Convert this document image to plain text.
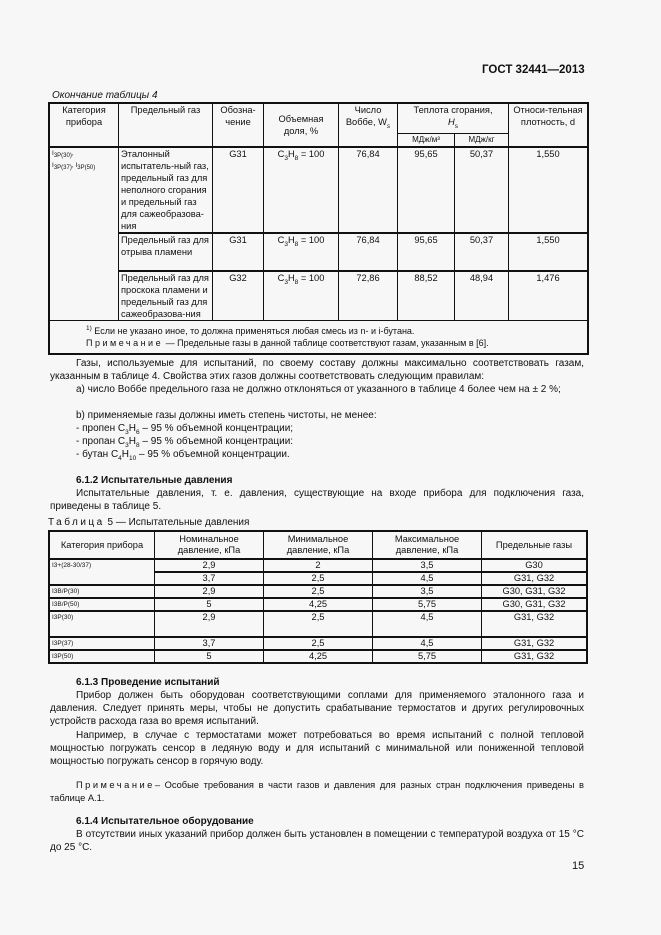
ГОСТ 32441—2013
Окончание таблицы 4
Категория прибора	Предельный газ	Обозна-чение	Объемная доля, %	Число Воббе, $W_s$	Теплота сгорания,
$H_s$		Относи-тельная плотность, d
					МДж/м³	МДж/кг	
I3P(30),
I3P(37), I3P(50)	Эталонный испытатель-ный газ, предельный газ для неполного сгорания и предельный газ для сажеобразова-ния	G31	$C_3H_8 = 100$	76,84	95,65	50,37	1,550
	Предельный газ для отрыва пламени	G31	$C_3H_8 = 100$	76,84	95,65	50,37	1,550
	Предельный газ для проскока пламени и предельный газ для сажеобразова-ния	G32	$C_3H_8 = 100$	72,86	88,52	48,94	1,476
$^{1)}$ Если не указано иное, то должна применяться любая смесь из n- и i-бутана.
Примечание — Предельные газы в данной таблице соответствуют газам, указанным в [6].							
Газы, используемые для испытаний, по своему составу должны максимально соответствовать газам, указанным в таблице 4. Свойства этих газов должны соответствовать следующим правилам:
а) число Воббе предельного газа не должно отклоняться от указанного в таблице 4 более чем на ± 2 %;
b) применяемые газы должны иметь степень чистоты, не менее:
- пропен $C_3H_6 - 95$ % объемной концентрации;
- пропан $C_3H_8 - 95$ % объемной концентрации:
- бутан $C_4H_{10} - 95$ % объемной концентрации.
6.1.2 Испытательные давления
Испытательные давления, т. е. давления, существующие на входе прибора для подключения газа, приведены в таблице 5.
Таблица 5 — Испытательные давления
Категория прибора	Номинальное давление, кПа	Минимальное давление, кПа	Максимальное давление, кПа	Предельные газы
I3+(28-30/37)	2,9	2	3,5	G30
	3,7	2,5	4,5	G31, G32
I3B/P(30)	2,9	2,5	3,5	G30, G31, G32
I3B/P(50)	5	4,25	5,75	G30, G31, G32
I3P(30)	2,9	2,5	4,5	G31, G32
I3P(37)	3,7	2,5	4,5	G31, G32
I3P(50)	5	4,25	5,75	G31, G32
6.1.3 Проведение испытаний
Прибор должен быть оборудован соответствующими соплами для применяемого эталонного газа и давления. Следует принять меры, чтобы не допустить срабатывание термостатов и других регулировочных устройств расхода газа во время испытаний.
Например, в случае с термостатами может потребоваться во время испытаний с полной тепловой мощностью погружать сенсор в ледяную воду и для испытаний с минимальной или пониженной тепловой мощностью погружать сенсор в горячую воду.
Примечание– Особые требования в части газов и давления для разных стран подключения приведены в таблице А.1.
6.1.4 Испытательное оборудование
В отсутствии иных указаний прибор должен быть установлен в помещении с температурой воздуха от 15 °С до 25 °С.
15
